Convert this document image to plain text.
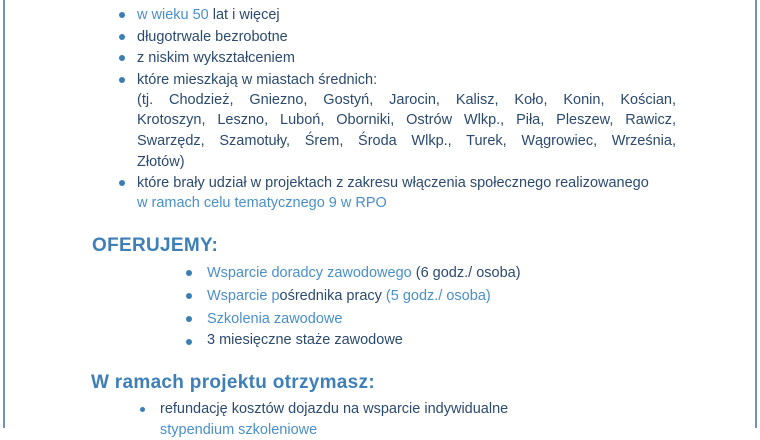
w wieku 50 lat i więcej
długotrwale bezrobotne
z niskim wykształceniem
które mieszkają w miastach średnich:
(tj. Chodzież, Gniezno, Gostyń, Jarocin, Kalisz, Koło, Konin, Kościan,
Krotoszyn, Leszno, Luboń, Oborniki, Ostrów Wlkp., Piła, Pleszew, Rawicz,
Swarzędz, Szamotuły, Śrem, Środa Wlkp., Turek, Wągrowiec, Września,
Złotów)
które brały udział w projektach z zakresu włączenia społecznego realizowanego
w ramach celu tematycznego 9 w RPO
OFERUJEMY:
Wsparcie doradcy zawodowego (6 godz./ osoba)
Wsparcie pośrednika pracy (5 godz./ osoba)
Szkolenia zawodowe
3 miesięczne staże zawodowe
W ramach projektu otrzymasz:
refundację kosztów dojazdu na wsparcie indywidualne
stypendium szkoleniowe
